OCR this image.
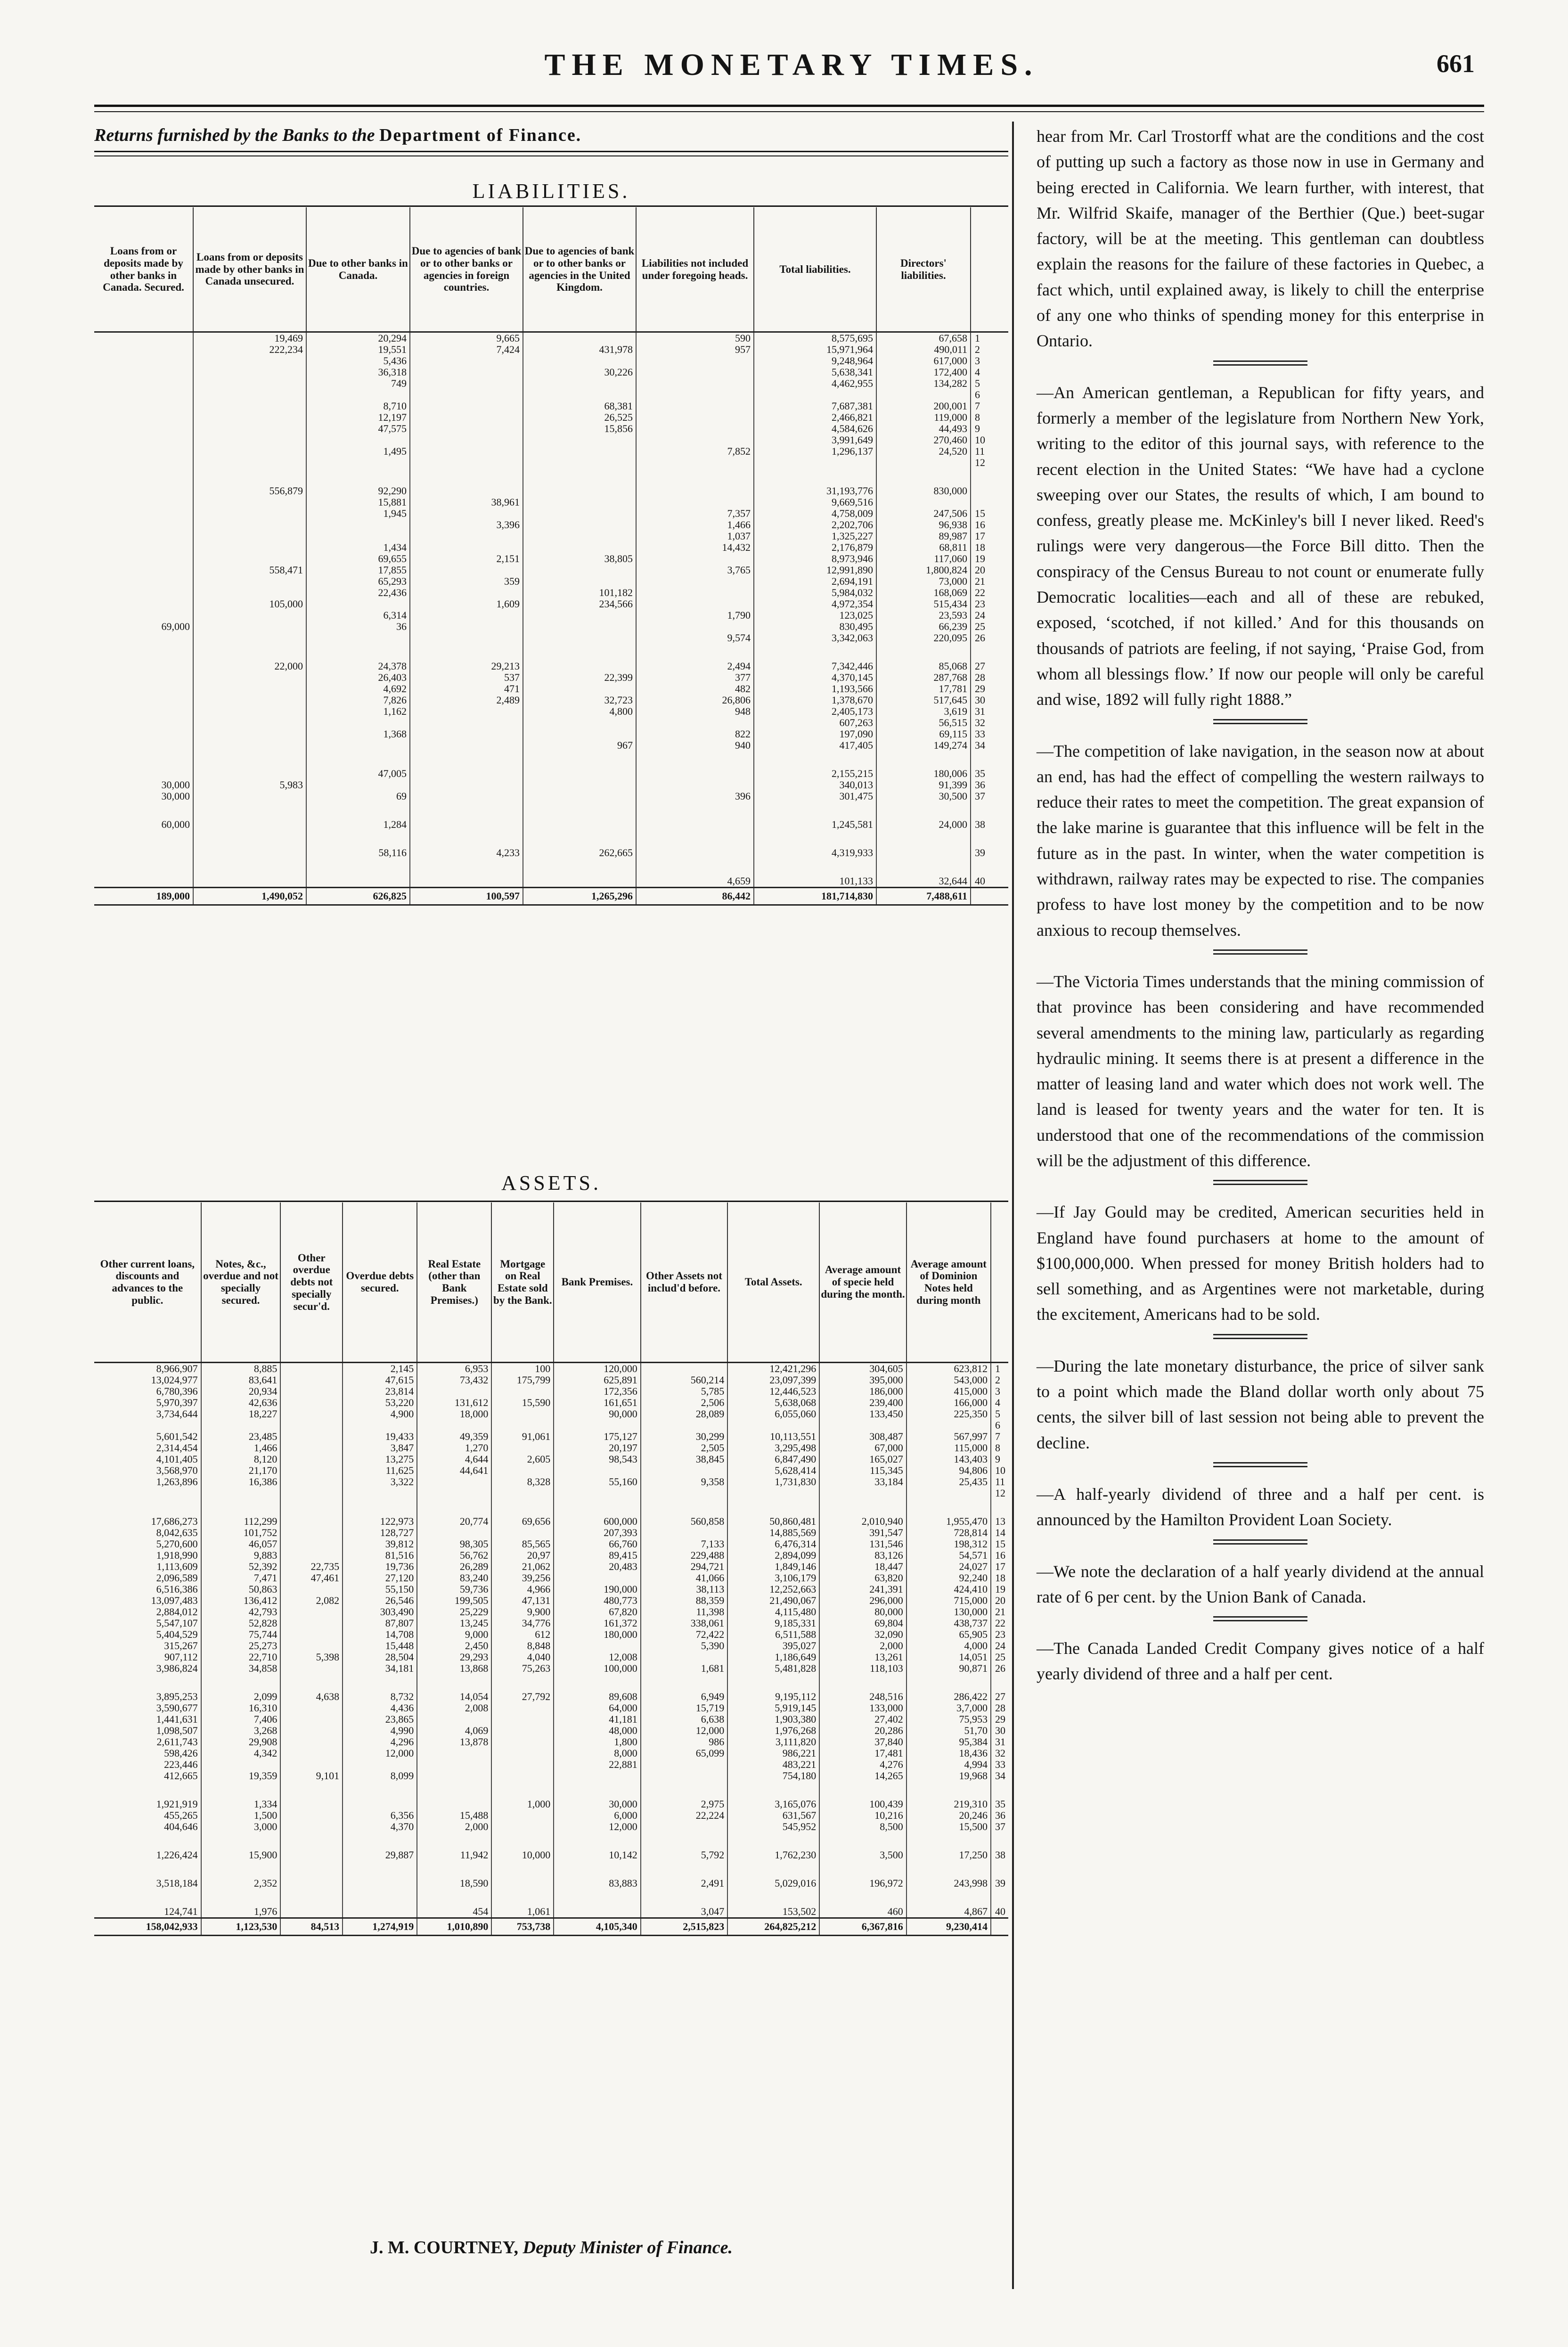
THE MONETARY TIMES.	661
Returns furnished by the Banks to the Department of Finance.
LIABILITIES.
Loans from or deposits made by other banks in Canada. Secured.	Loans from or deposits made by other banks in Canada unsecured.	Due to other banks in Canada.	Due to agencies of bank or to other banks or agencies in foreign countries.	Due to agencies of bank or to other banks or agencies in the United Kingdom.	Liabilities not included under foregoing heads.	Total liabilities.	Directors' liabilities.	
	19,469	20,294	9,665		590	8,575,695	67,658	1
	222,234	19,551	7,424	431,978	957	15,971,964	490,011	2
		5,436				9,248,964	617,000	3
		36,318		30,226		5,638,341	172,400	4
		749				4,462,955	134,282	5
								6
		8,710		68,381		7,687,381	200,001	7
		12,197		26,525		2,466,821	119,000	8
		47,575		15,856		4,584,626	44,493	9
						3,991,649	270,460	10
		1,495			7,852	1,296,137	24,520	11
								12

	556,879	92,290				31,193,776	830,000	
		15,881	38,961			9,669,516		
		1,945			7,357	4,758,009	247,506	15
			3,396		1,466	2,202,706	96,938	16
					1,037	1,325,227	89,987	17
		1,434			14,432	2,176,879	68,811	18
		69,655	2,151	38,805		8,973,946	117,060	19
	558,471	17,855			3,765	12,991,890	1,800,824	20
		65,293	359			2,694,191	73,000	21
		22,436		101,182		5,984,032	168,069	22
	105,000		1,609	234,566		4,972,354	515,434	23
		6,314			1,790	123,025	23,593	24
69,000		36				830,495	66,239	25
					9,574	3,342,063	220,095	26

	22,000	24,378	29,213		2,494	7,342,446	85,068	27
		26,403	537	22,399	377	4,370,145	287,768	28
		4,692	471		482	1,193,566	17,781	29
		7,826	2,489	32,723	26,806	1,378,670	517,645	30
		1,162		4,800	948	2,405,173	3,619	31
						607,263	56,515	32
		1,368			822	197,090	69,115	33
				967	940	417,405	149,274	34

		47,005				2,155,215	180,006	35
30,000	5,983					340,013	91,399	36
30,000		69			396	301,475	30,500	37

60,000		1,284				1,245,581	24,000	38

		58,116	4,233	262,665		4,319,933		39

					4,659	101,133	32,644	40
189,000	1,490,052	626,825	100,597	1,265,296	86,442	181,714,830	7,488,611	
ASSETS.
Other current loans, discounts and advances to the public.	Notes, &c., overdue and not specially secured.	Other overdue debts not specially secur'd.	Overdue debts secured.	Real Estate (other than Bank Premises.)	Mortgage on Real Estate sold by the Bank.	Bank Premises.	Other Assets not includ'd before.	Total Assets.	Average amount of specie held during the month.	Average amount of Dominion Notes held during month	
8,966,907	8,885		2,145	6,953	100	120,000		12,421,296	304,605	623,812	1
13,024,977	83,641		47,615	73,432	175,799	625,891	560,214	23,097,399	395,000	543,000	2
6,780,396	20,934		23,814			172,356	5,785	12,446,523	186,000	415,000	3
5,970,397	42,636		53,220	131,612	15,590	161,651	2,506	5,638,068	239,400	166,000	4
3,734,644	18,227		4,900	18,000		90,000	28,089	6,055,060	133,450	225,350	5
											6
5,601,542	23,485		19,433	49,359	91,061	175,127	30,299	10,113,551	308,487	567,997	7
2,314,454	1,466		3,847	1,270		20,197	2,505	3,295,498	67,000	115,000	8
4,101,405	8,120		13,275	4,644	2,605	98,543	38,845	6,847,490	165,027	143,403	9
3,568,970	21,170		11,625	44,641				5,628,414	115,345	94,806	10
1,263,896	16,386		3,322		8,328	55,160	9,358	1,731,830	33,184	25,435	11
											12

17,686,273	112,299		122,973	20,774	69,656	600,000	560,858	50,860,481	2,010,940	1,955,470	13
8,042,635	101,752		128,727			207,393		14,885,569	391,547	728,814	14
5,270,600	46,057		39,812	98,305	85,565	66,760	7,133	6,476,314	131,546	198,312	15
1,918,990	9,883		81,516	56,762	20,97	89,415	229,488	2,894,099	83,126	54,571	16
1,113,609	52,392	22,735	19,736	26,289	21,062	20,483	294,721	1,849,146	18,447	24,027	17
2,096,589	7,471	47,461	27,120	83,240	39,256		41,066	3,106,179	63,820	92,240	18
6,516,386	50,863		55,150	59,736	4,966	190,000	38,113	12,252,663	241,391	424,410	19
13,097,483	136,412	2,082	26,546	199,505	47,131	480,773	88,359	21,490,067	296,000	715,000	20
2,884,012	42,793		303,490	25,229	9,900	67,820	11,398	4,115,480	80,000	130,000	21
5,547,107	52,828		87,807	13,245	34,776	161,372	338,061	9,185,331	69,804	438,737	22
5,404,529	75,744		14,708	9,000	612	180,000	72,422	6,511,588	32,090	65,905	23
315,267	25,273		15,448	2,450	8,848		5,390	395,027	2,000	4,000	24
907,112	22,710	5,398	28,504	29,293	4,040	12,008		1,186,649	13,261	14,051	25
3,986,824	34,858		34,181	13,868	75,263	100,000	1,681	5,481,828	118,103	90,871	26

3,895,253	2,099	4,638	8,732	14,054	27,792	89,608	6,949	9,195,112	248,516	286,422	27
3,590,677	16,310		4,436	2,008		64,000	15,719	5,919,145	133,000	3,7,000	28
1,441,631	7,406		23,865			41,181	6,638	1,903,380	27,402	75,953	29
1,098,507	3,268		4,990	4,069		48,000	12,000	1,976,268	20,286	51,70	30
2,611,743	29,908		4,296	13,878		1,800	986	3,111,820	37,840	95,384	31
598,426	4,342		12,000			8,000	65,099	986,221	17,481	18,436	32
223,446						22,881		483,221	4,276	4,994	33
412,665	19,359	9,101	8,099					754,180	14,265	19,968	34

1,921,919	1,334				1,000	30,000	2,975	3,165,076	100,439	219,310	35
455,265	1,500		6,356	15,488		6,000	22,224	631,567	10,216	20,246	36
404,646	3,000		4,370	2,000		12,000		545,952	8,500	15,500	37

1,226,424	15,900		29,887	11,942	10,000	10,142	5,792	1,762,230	3,500	17,250	38

3,518,184	2,352			18,590		83,883	2,491	5,029,016	196,972	243,998	39

124,741	1,976			454	1,061		3,047	153,502	460	4,867	40
158,042,933	1,123,530	84,513	1,274,919	1,010,890	753,738	4,105,340	2,515,823	264,825,212	6,367,816	9,230,414	
J. M. COURTNEY, Deputy Minister of Finance.

hear from Mr. Carl Trostorff what are the conditions and the cost of putting up such a factory as those now in use in Germany and being erected in California. We learn further, with interest, that Mr. Wilfrid Skaife, manager of the Berthier (Que.) beet-sugar factory, will be at the meeting. This gentleman can doubtless explain the reasons for the failure of these factories in Quebec, a fact which, until explained away, is likely to chill the enterprise of any one who thinks of spending money for this enterprise in Ontario.

—An American gentleman, a Republican for fifty years, and formerly a member of the legislature from Northern New York, writing to the editor of this journal says, with reference to the recent election in the United States: “We have had a cyclone sweeping over our States, the results of which, I am bound to confess, greatly please me. McKinley's bill I never liked. Reed's rulings were very dangerous—the Force Bill ditto. Then the conspiracy of the Census Bureau to not count or enumerate fully Democratic localities—each and all of these are rebuked, exposed, ‘scotched, if not killed.’ And for this thousands on thousands of patriots are feeling, if not saying, ‘Praise God, from whom all blessings flow.’ If now our people will only be careful and wise, 1892 will fully right 1888.”

—The competition of lake navigation, in the season now at about an end, has had the effect of compelling the western railways to reduce their rates to meet the competition. The great expansion of the lake marine is guarantee that this influence will be felt in the future as in the past. In winter, when the water competition is withdrawn, railway rates may be expected to rise. The companies profess to have lost money by the competition and to be now anxious to recoup themselves.

—The Victoria Times understands that the mining commission of that province has been considering and have recommended several amendments to the mining law, particularly as regarding hydraulic mining. It seems there is at present a difference in the matter of leasing land and water which does not work well. The land is leased for twenty years and the water for ten. It is understood that one of the recommendations of the commission will be the adjustment of this difference.

—If Jay Gould may be credited, American securities held in England have found purchasers at home to the amount of $100,000,000. When pressed for money British holders had to sell something, and as Argentines were not marketable, during the excitement, Americans had to be sold.

—During the late monetary disturbance, the price of silver sank to a point which made the Bland dollar worth only about 75 cents, the silver bill of last session not being able to prevent the decline.

—A half-yearly dividend of three and a half per cent. is announced by the Hamilton Provident Loan Society.

—We note the declaration of a half yearly dividend at the annual rate of 6 per cent. by the Union Bank of Canada.

—The Canada Landed Credit Company gives notice of a half yearly dividend of three and a half per cent.
